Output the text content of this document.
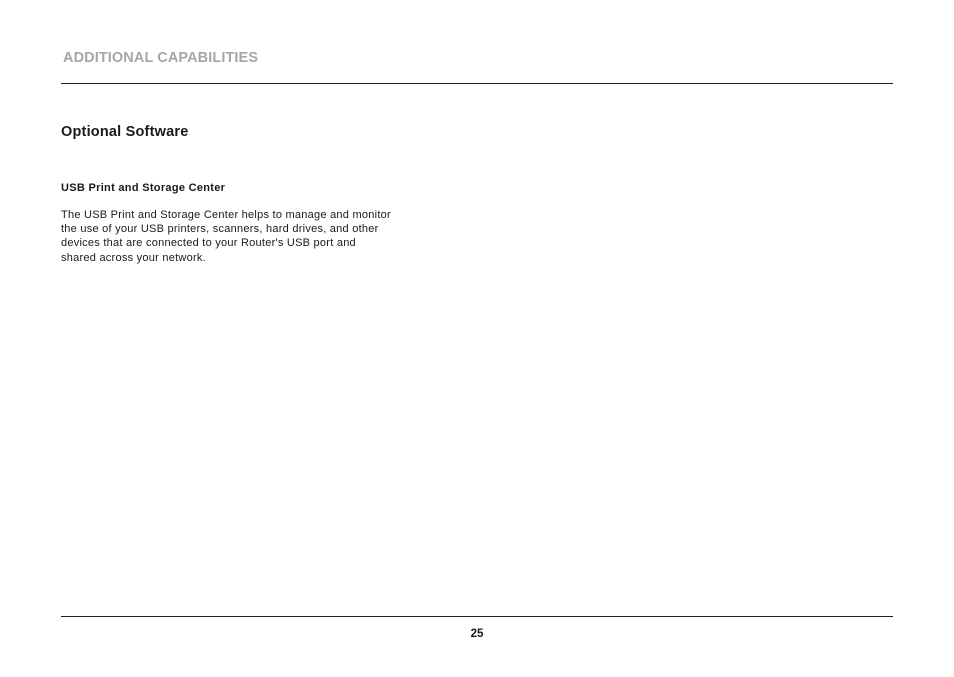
ADDITIONAL CAPABILITIES
Optional Software
USB Print and Storage Center

The USB Print and Storage Center helps to manage and monitor the use of your USB printers, scanners, hard drives, and other devices that are connected to your Router's USB port and shared across your network.

25
